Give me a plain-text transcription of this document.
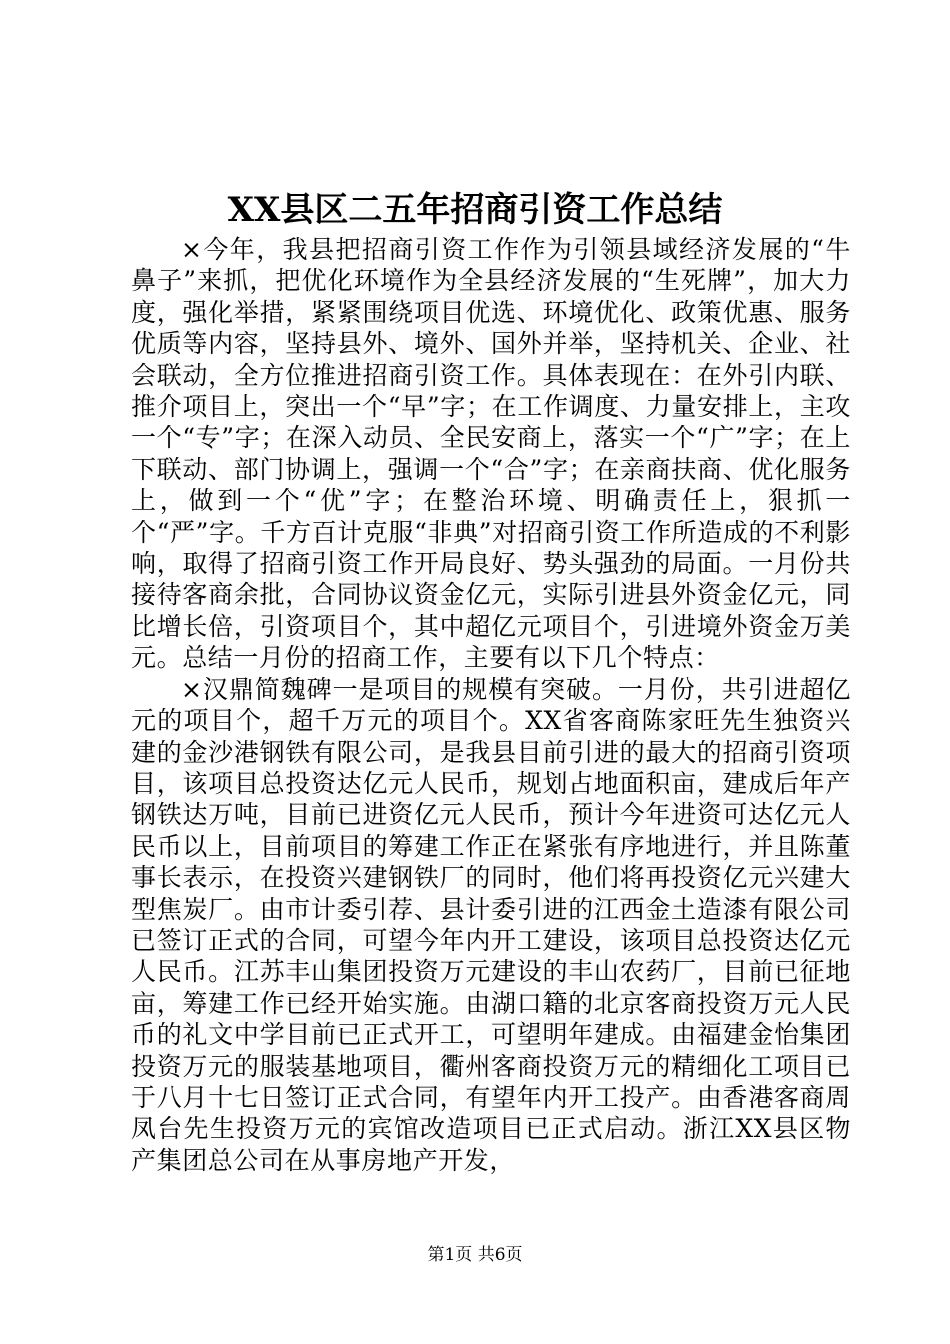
XX县区二五年招商引资工作总结

×今年，我县把招商引资工作作为引领县域经济发展的“牛鼻子”来抓，把优化环境作为全县经济发展的“生死牌”，加大力度，强化举措，紧紧围绕项目优选、环境优化、政策优惠、服务优质等内容，坚持县外、境外、国外并举，坚持机关、企业、社会联动，全方位推进招商引资工作。具体表现在：在外引内联、推介项目上，突出一个“早”字；在工作调度、力量安排上，主攻一个“专”字；在深入动员、全民安商上，落实一个“广”字；在上下联动、部门协调上，强调一个“合”字；在亲商扶商、优化服务上，做到一个“优”字；在整治环境、明确责任上，狠抓一个“严”字。千方百计克服“非典”对招商引资工作所造成的不利影响，取得了招商引资工作开局良好、势头强劲的局面。一月份共接待客商余批，合同协议资金亿元，实际引进县外资金亿元，同比增长倍，引资项目个，其中超亿元项目个，引进境外资金万美元。总结一月份的招商工作，主要有以下几个特点：

×汉鼎简魏碑一是项目的规模有突破。一月份，共引进超亿元的项目个，超千万元的项目个。XX省客商陈家旺先生独资兴建的金沙港钢铁有限公司，是我县目前引进的最大的招商引资项目，该项目总投资达亿元人民币，规划占地面积亩，建成后年产钢铁达万吨，目前已进资亿元人民币，预计今年进资可达亿元人民币以上，目前项目的筹建工作正在紧张有序地进行，并且陈董事长表示，在投资兴建钢铁厂的同时，他们将再投资亿元兴建大型焦炭厂。由市计委引荐、县计委引进的江西金土造漆有限公司已签订正式的合同，可望今年内开工建设，该项目总投资达亿元人民币。江苏丰山集团投资万元建设的丰山农药厂，目前已征地亩，筹建工作已经开始实施。由湖口籍的北京客商投资万元人民币的礼文中学目前已正式开工，可望明年建成。由福建金怡集团投资万元的服装基地项目，衢州客商投资万元的精细化工项目已于八月十七日签订正式合同，有望年内开工投产。由香港客商周凤台先生投资万元的宾馆改造项目已正式启动。浙江XX县区物产集团总公司在从事房地产开发，

第1页 共6页
